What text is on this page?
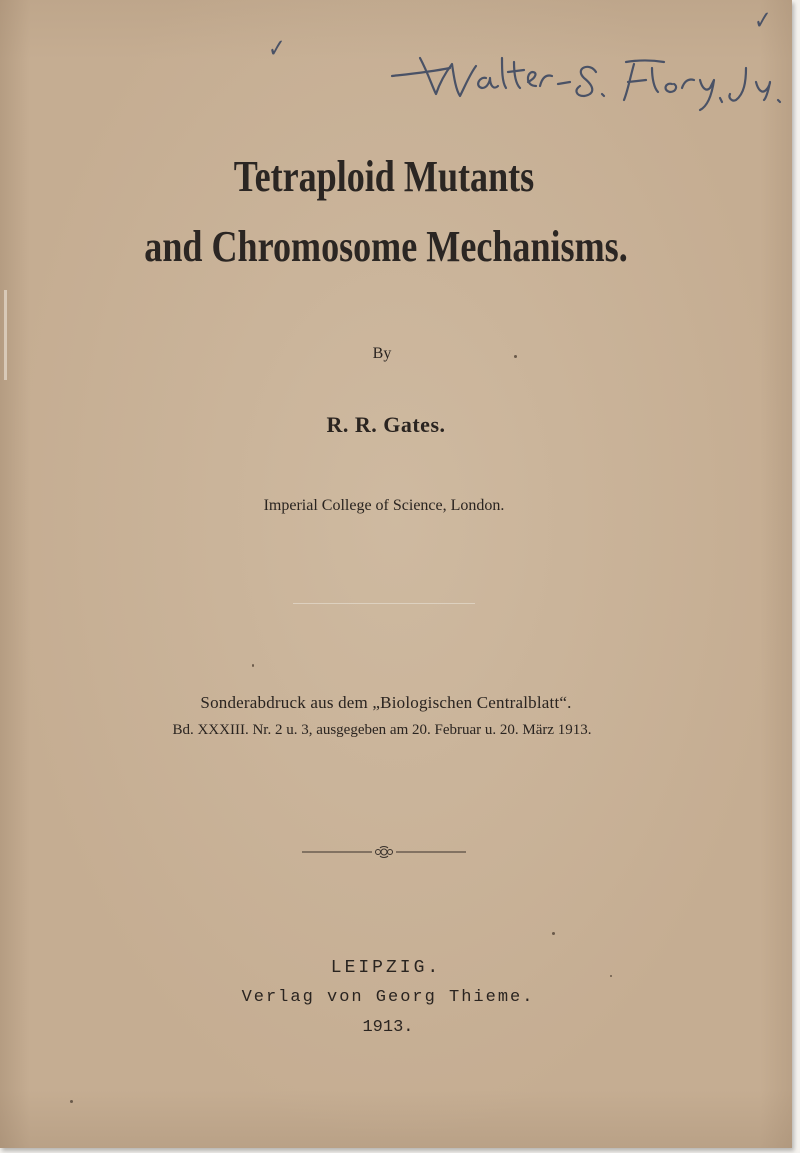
✓
✓
Tetraploid Mutants
and Chromosome Mechanisms.
By
R. R. Gates.
Imperial College of Science, London.
Sonderabdruck aus dem „Biologischen Centralblatt“.
Bd. XXXIII. Nr. 2 u. 3, ausgegeben am 20. Februar u. 20. März 1913.
LEIPZIG.
Verlag von Georg Thieme.
1913.
